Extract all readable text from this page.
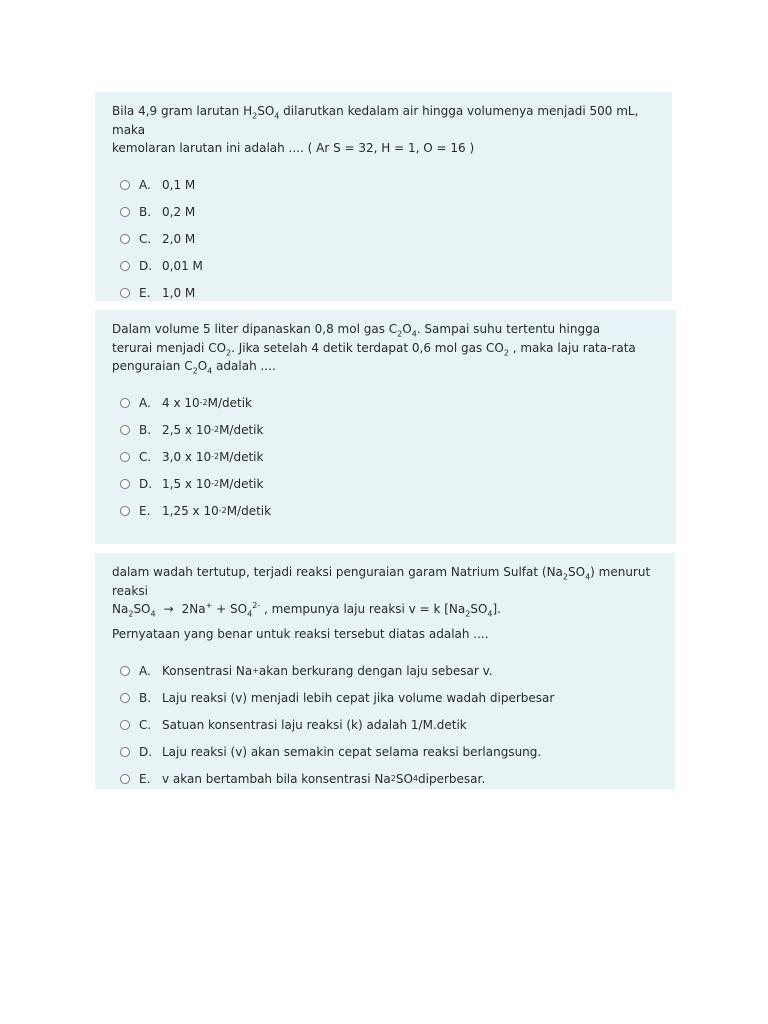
Bila 4,9 gram larutan $H_2SO_4$ dilarutkan kedalam air hingga volumenya menjadi 500 mL, maka

kemolaran larutan ini adalah .... ( Ar S = 32, H = 1, O = 16 )

A. 0,1 M
B. 0,2 M
C. 2,0 M
D. 0,01 M
E. 1,0 M

Dalam volume 5 liter dipanaskan 0,8 mol gas $C_2O_4$. Sampai suhu tertentu hingga

terurai menjadi $CO_2$. Jika setelah 4 detik terdapat 0,6 mol gas $CO_2$ , maka laju rata-rata

penguraian $C_2O_4$ adalah ....

A. 4 x 10 -2 M/detik
B. 2,5 x 10 -2 M/detik
C. 3,0 x 10 -2 M/detik
D. 1,5 x 10 -2 M/detik
E. 1,25 x 10 -2 M/detik

dalam wadah tertutup, terjadi reaksi penguraian garam Natrium Sulfat $(Na_2SO_4)$ menurut reaksi

$Na_2SO_4 \to 2Na^+ + SO_4^{2-}$ , mempunya laju reaksi v = k $[Na_2SO_4]$.

Pernyataan yang benar untuk reaksi tersebut diatas adalah ....

A. Konsentrasi Na + akan berkurang dengan laju sebesar v.
B. Laju reaksi (v) menjadi lebih cepat jika volume wadah diperbesar
C. Satuan konsentrasi laju reaksi (k) adalah 1/M.detik
D. Laju reaksi (v) akan semakin cepat selama reaksi berlangsung.
E. v akan bertambah bila konsentrasi Na 2 SO 4 diperbesar.
